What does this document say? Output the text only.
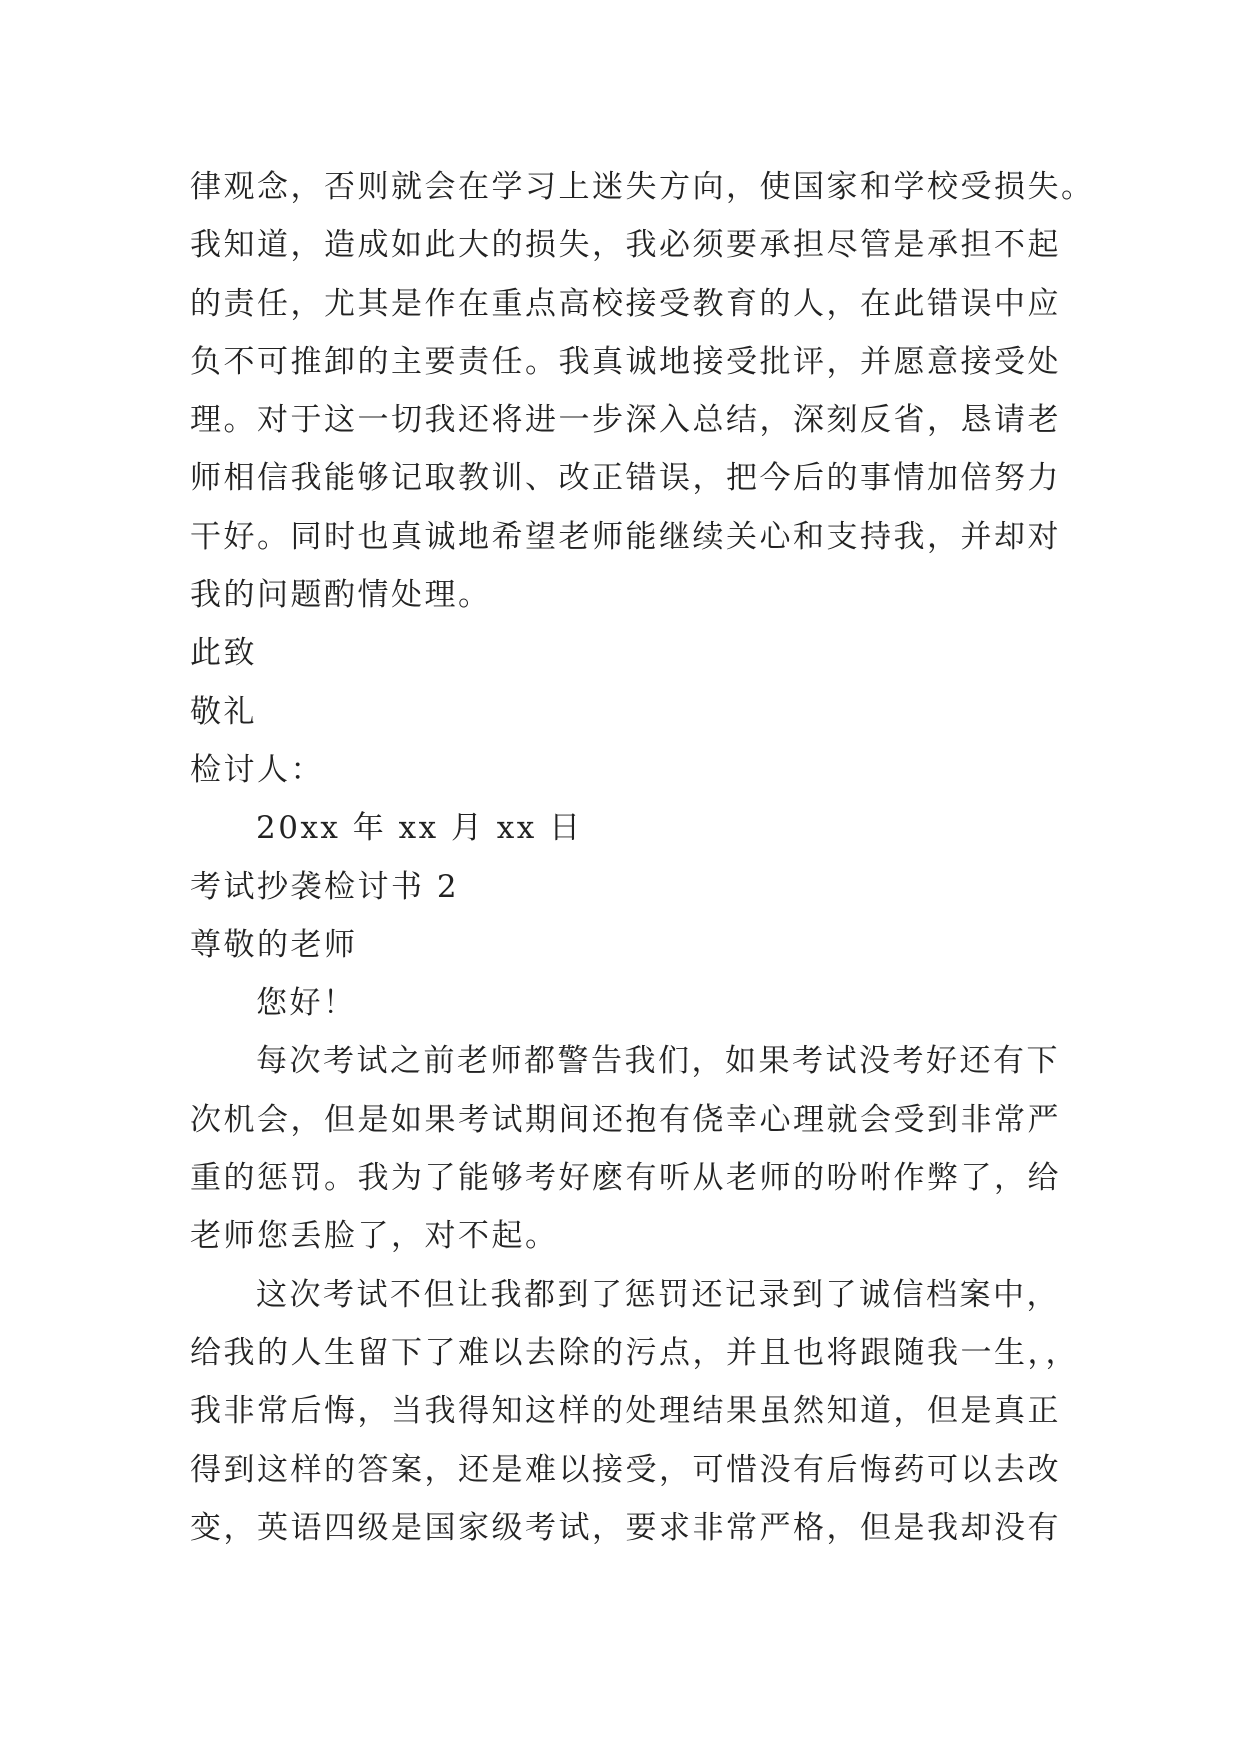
律观念，否则就会在学习上迷失方向，使国家和学校受损失。
我知道，造成如此大的损失，我必须要承担尽管是承担不起
的责任，尤其是作在重点高校接受教育的人，在此错误中应
负不可推卸的主要责任。我真诚地接受批评，并愿意接受处
理。对于这一切我还将进一步深入总结，深刻反省，恳请老
师相信我能够记取教训、改正错误，把今后的事情加倍努力
干好。同时也真诚地希望老师能继续关心和支持我，并却对
我的问题酌情处理。
此致
敬礼
检讨人：
20xx 年 xx 月 xx 日
考试抄袭检讨书 2
尊敬的老师
您好！
每次考试之前老师都警告我们，如果考试没考好还有下
次机会，但是如果考试期间还抱有侥幸心理就会受到非常严
重的惩罚。我为了能够考好麽有听从老师的吩咐作弊了，给
老师您丢脸了，对不起。
这次考试不但让我都到了惩罚还记录到了诚信档案中，
给我的人生留下了难以去除的污点，并且也将跟随我一生，，
我非常后悔，当我得知这样的处理结果虽然知道，但是真正
得到这样的答案，还是难以接受，可惜没有后悔药可以去改
变，英语四级是国家级考试，要求非常严格，但是我却没有
